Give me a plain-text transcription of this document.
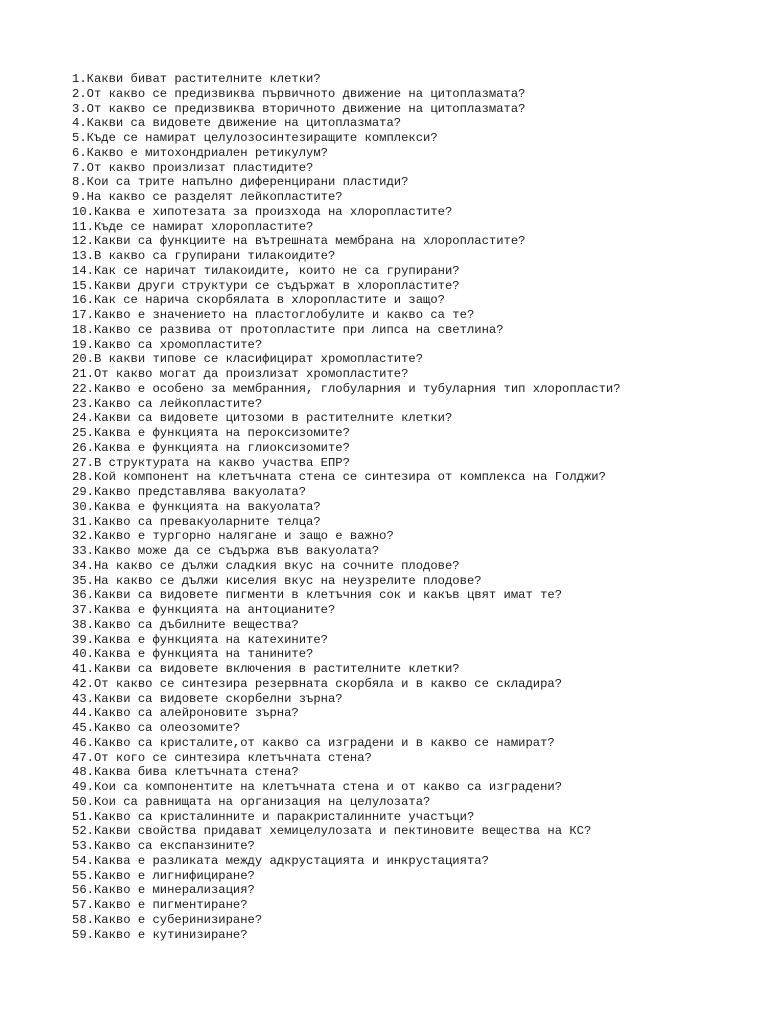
1.Какви биват растителните клетки?
2.От какво се предизвиква първичното движение на цитоплазмата?
3.От какво се предизвиква вторичното движение на цитоплазмата?
4.Какви са видовете движение на цитоплазмата?
5.Къде се намират целулозосинтезиращите комплекси?
6.Какво е митохондриален ретикулум?
7.От какво произлизат пластидите?
8.Кои са трите напълно диференцирани пластиди?
9.На какво се разделят лейкопластите?
10.Каква е хипотезата за произхода на хлоропластите?
11.Къде се намират хлоропластите?
12.Какви са функциите на вътрешната мембрана на хлоропластите?
13.В какво са групирани тилакоидите?
14.Как се наричат тилакоидите, които не са групирани?
15.Какви други структури се съдържат в хлоропластите?
16.Как се нарича скорбялата в хлоропластите и защо?
17.Какво е значението на пластоглобулите и какво са те?
18.Какво се развива от протопластите при липса на светлина?
19.Какво са хромопластите?
20.В какви типове се класифицират хромопластите?
21.От какво могат да произлизат хромопластите?
22.Какво е особено за мембранния, глобуларния и тубуларния тип хлоропласти?
23.Какво са лейкопластите?
24.Какви са видовете цитозоми в растителните клетки?
25.Каква е функцията на пероксизомите?
26.Каква е функцията на глиоксизомите?
27.В структурата на какво участва ЕПР?
28.Кой компонент на клетъчната стена се синтезира от комплекса на Голджи?
29.Какво представлява вакуолата?
30.Каква е функцията на вакуолата?
31.Какво са превакуоларните телца?
32.Какво е тургорно налягане и защо е важно?
33.Какво може да се съдържа във вакуолата?
34.На какво се дължи сладкия вкус на сочните плодове?
35.На какво се дължи киселия вкус на неузрелите плодове?
36.Какви са видовете пигменти в клетъчния сок и какъв цвят имат те?
37.Каква е функцията на антоцианите?
38.Какво са дъбилните вещества?
39.Каква е функцията на катехините?
40.Каква е функцията на танините?
41.Какви са видовете включения в растителните клетки?
42.От какво се синтезира резервната скорбяла и в какво се складира?
43.Какви са видовете скорбелни зърна?
44.Какво са алейроновите зърна?
45.Какво са олеозомите?
46.Какво са кристалите,от какво са изградени и в какво се намират?
47.От кого се синтезира клетъчната стена?
48.Каква бива клетъчната стена?
49.Кои са компонентите на клетъчната стена и от какво са изградени?
50.Кои са равнищата на организация на целулозата?
51.Какво са кристалинните и паракристалинните участъци?
52.Какви свойства придават хемицелулозата и пектиновите вещества на КС?
53.Какво са експанзините?
54.Каква е разликата между адкрустацията и инкрустацията?
55.Какво е лигнифициране?
56.Какво е минерализация?
57.Какво е пигментиране?
58.Какво е суберинизиране?
59.Какво е кутинизиране?
